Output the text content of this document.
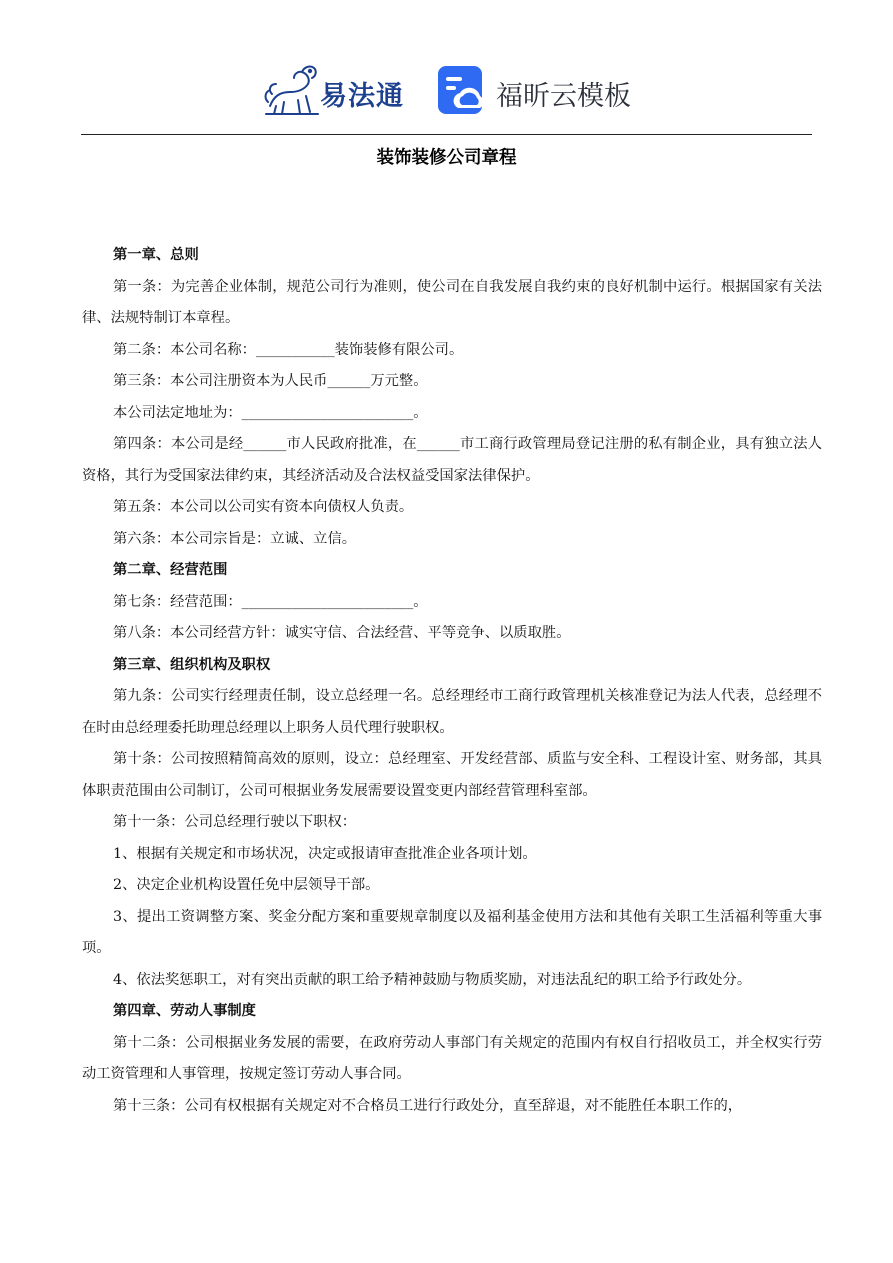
易法通	福昕云模板
装饰装修公司章程

第一章、总则

第一条：为完善企业体制，规范公司行为准则，使公司在自我发展自我约束的良好机制中运行。根据国家有关法律、法规特制订本章程。

第二条：本公司名称：___________装饰装修有限公司。

第三条：本公司注册资本为人民币______万元整。

本公司法定地址为：________________________。

第四条：本公司是经______市人民政府批准，在______市工商行政管理局登记注册的私有制企业，具有独立法人资格，其行为受国家法律约束，其经济活动及合法权益受国家法律保护。

第五条：本公司以公司实有资本向债权人负责。

第六条：本公司宗旨是：立诚、立信。

第二章、经营范围

第七条：经营范围：________________________。

第八条：本公司经营方针：诚实守信、合法经营、平等竞争、以质取胜。

第三章、组织机构及职权

第九条：公司实行经理责任制，设立总经理一名。总经理经市工商行政管理机关核准登记为法人代表，总经理不在时由总经理委托助理总经理以上职务人员代理行驶职权。

第十条：公司按照精简高效的原则，设立：总经理室、开发经营部、质监与安全科、工程设计室、财务部，其具体职责范围由公司制订，公司可根据业务发展需要设置变更内部经营管理科室部。

第十一条：公司总经理行驶以下职权：

1、根据有关规定和市场状况，决定或报请审查批准企业各项计划。

2、决定企业机构设置任免中层领导干部。

3、提出工资调整方案、奖金分配方案和重要规章制度以及福利基金使用方法和其他有关职工生活福利等重大事项。

4、依法奖惩职工，对有突出贡献的职工给予精神鼓励与物质奖励，对违法乱纪的职工给予行政处分。

第四章、劳动人事制度

第十二条：公司根据业务发展的需要，在政府劳动人事部门有关规定的范围内有权自行招收员工，并全权实行劳动工资管理和人事管理，按规定签订劳动人事合同。

第十三条：公司有权根据有关规定对不合格员工进行行政处分，直至辞退，对不能胜任本职工作的，
